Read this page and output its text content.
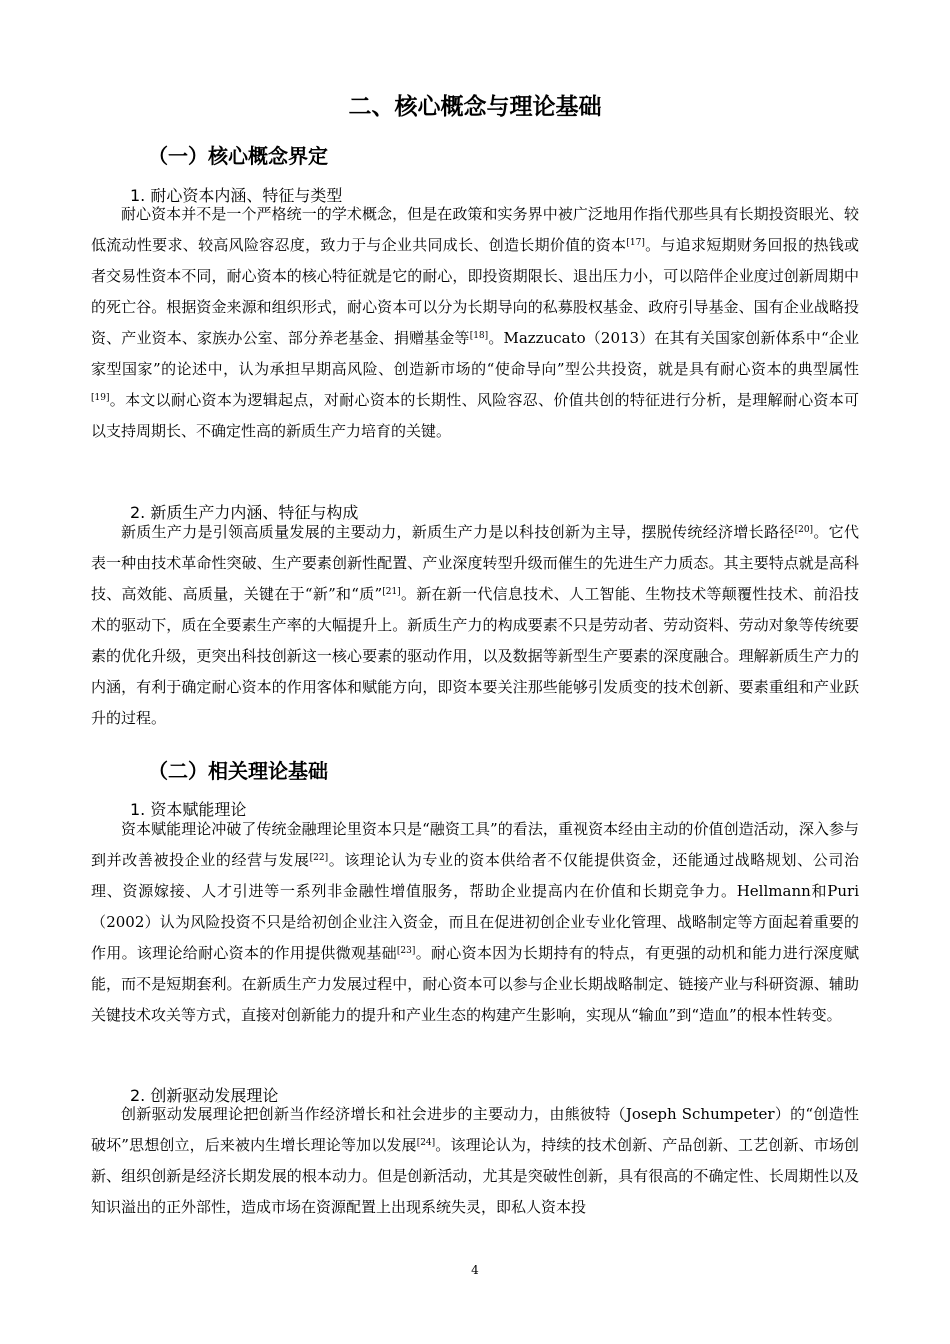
二、核心概念与理论基础
（一）核心概念界定
1. 耐心资本内涵、特征与类型

耐心资本并不是一个严格统一的学术概念，但是在政策和实务界中被广泛地用作指代那些具有长期投资眼光、较低流动性要求、较高风险容忍度，致力于与企业共同成长、创造长期价值的资本[17]。与追求短期财务回报的热钱或者交易性资本不同，耐心资本的核心特征就是它的耐心，即投资期限长、退出压力小，可以陪伴企业度过创新周期中的死亡谷。根据资金来源和组织形式，耐心资本可以分为长期导向的私募股权基金、政府引导基金、国有企业战略投资、产业资本、家族办公室、部分养老基金、捐赠基金等[18]。Mazzucato（2013）在其有关国家创新体系中“企业家型国家”的论述中，认为承担早期高风险、创造新市场的“使命导向”型公共投资，就是具有耐心资本的典型属性[19]。本文以耐心资本为逻辑起点，对耐心资本的长期性、风险容忍、价值共创的特征进行分析，是理解耐心资本可以支持周期长、不确定性高的新质生产力培育的关键。

2. 新质生产力内涵、特征与构成

新质生产力是引领高质量发展的主要动力，新质生产力是以科技创新为主导，摆脱传统经济增长路径[20]。它代表一种由技术革命性突破、生产要素创新性配置、产业深度转型升级而催生的先进生产力质态。其主要特点就是高科技、高效能、高质量，关键在于“新”和“质”[21]。新在新一代信息技术、人工智能、生物技术等颠覆性技术、前沿技术的驱动下，质在全要素生产率的大幅提升上。新质生产力的构成要素不只是劳动者、劳动资料、劳动对象等传统要素的优化升级，更突出科技创新这一核心要素的驱动作用，以及数据等新型生产要素的深度融合。理解新质生产力的内涵，有利于确定耐心资本的作用客体和赋能方向，即资本要关注那些能够引发质变的技术创新、要素重组和产业跃升的过程。

（二）相关理论基础
1. 资本赋能理论

资本赋能理论冲破了传统金融理论里资本只是“融资工具”的看法，重视资本经由主动的价值创造活动，深入参与到并改善被投企业的经营与发展[22]。该理论认为专业的资本供给者不仅能提供资金，还能通过战略规划、公司治理、资源嫁接、人才引进等一系列非金融性增值服务，帮助企业提高内在价值和长期竞争力。Hellmann和Puri（2002）认为风险投资不只是给初创企业注入资金，而且在促进初创企业专业化管理、战略制定等方面起着重要的作用。该理论给耐心资本的作用提供微观基础[23]。耐心资本因为长期持有的特点，有更强的动机和能力进行深度赋能，而不是短期套利。在新质生产力发展过程中，耐心资本可以参与企业长期战略制定、链接产业与科研资源、辅助关键技术攻关等方式，直接对创新能力的提升和产业生态的构建产生影响，实现从“输血”到“造血”的根本性转变。

2. 创新驱动发展理论

创新驱动发展理论把创新当作经济增长和社会进步的主要动力，由熊彼特（Joseph Schumpeter）的“创造性破坏”思想创立，后来被内生增长理论等加以发展[24]。该理论认为，持续的技术创新、产品创新、工艺创新、市场创新、组织创新是经济长期发展的根本动力。但是创新活动，尤其是突破性创新，具有很高的不确定性、长周期性以及知识溢出的正外部性，造成市场在资源配置上出现系统失灵，即私人资本投

4
